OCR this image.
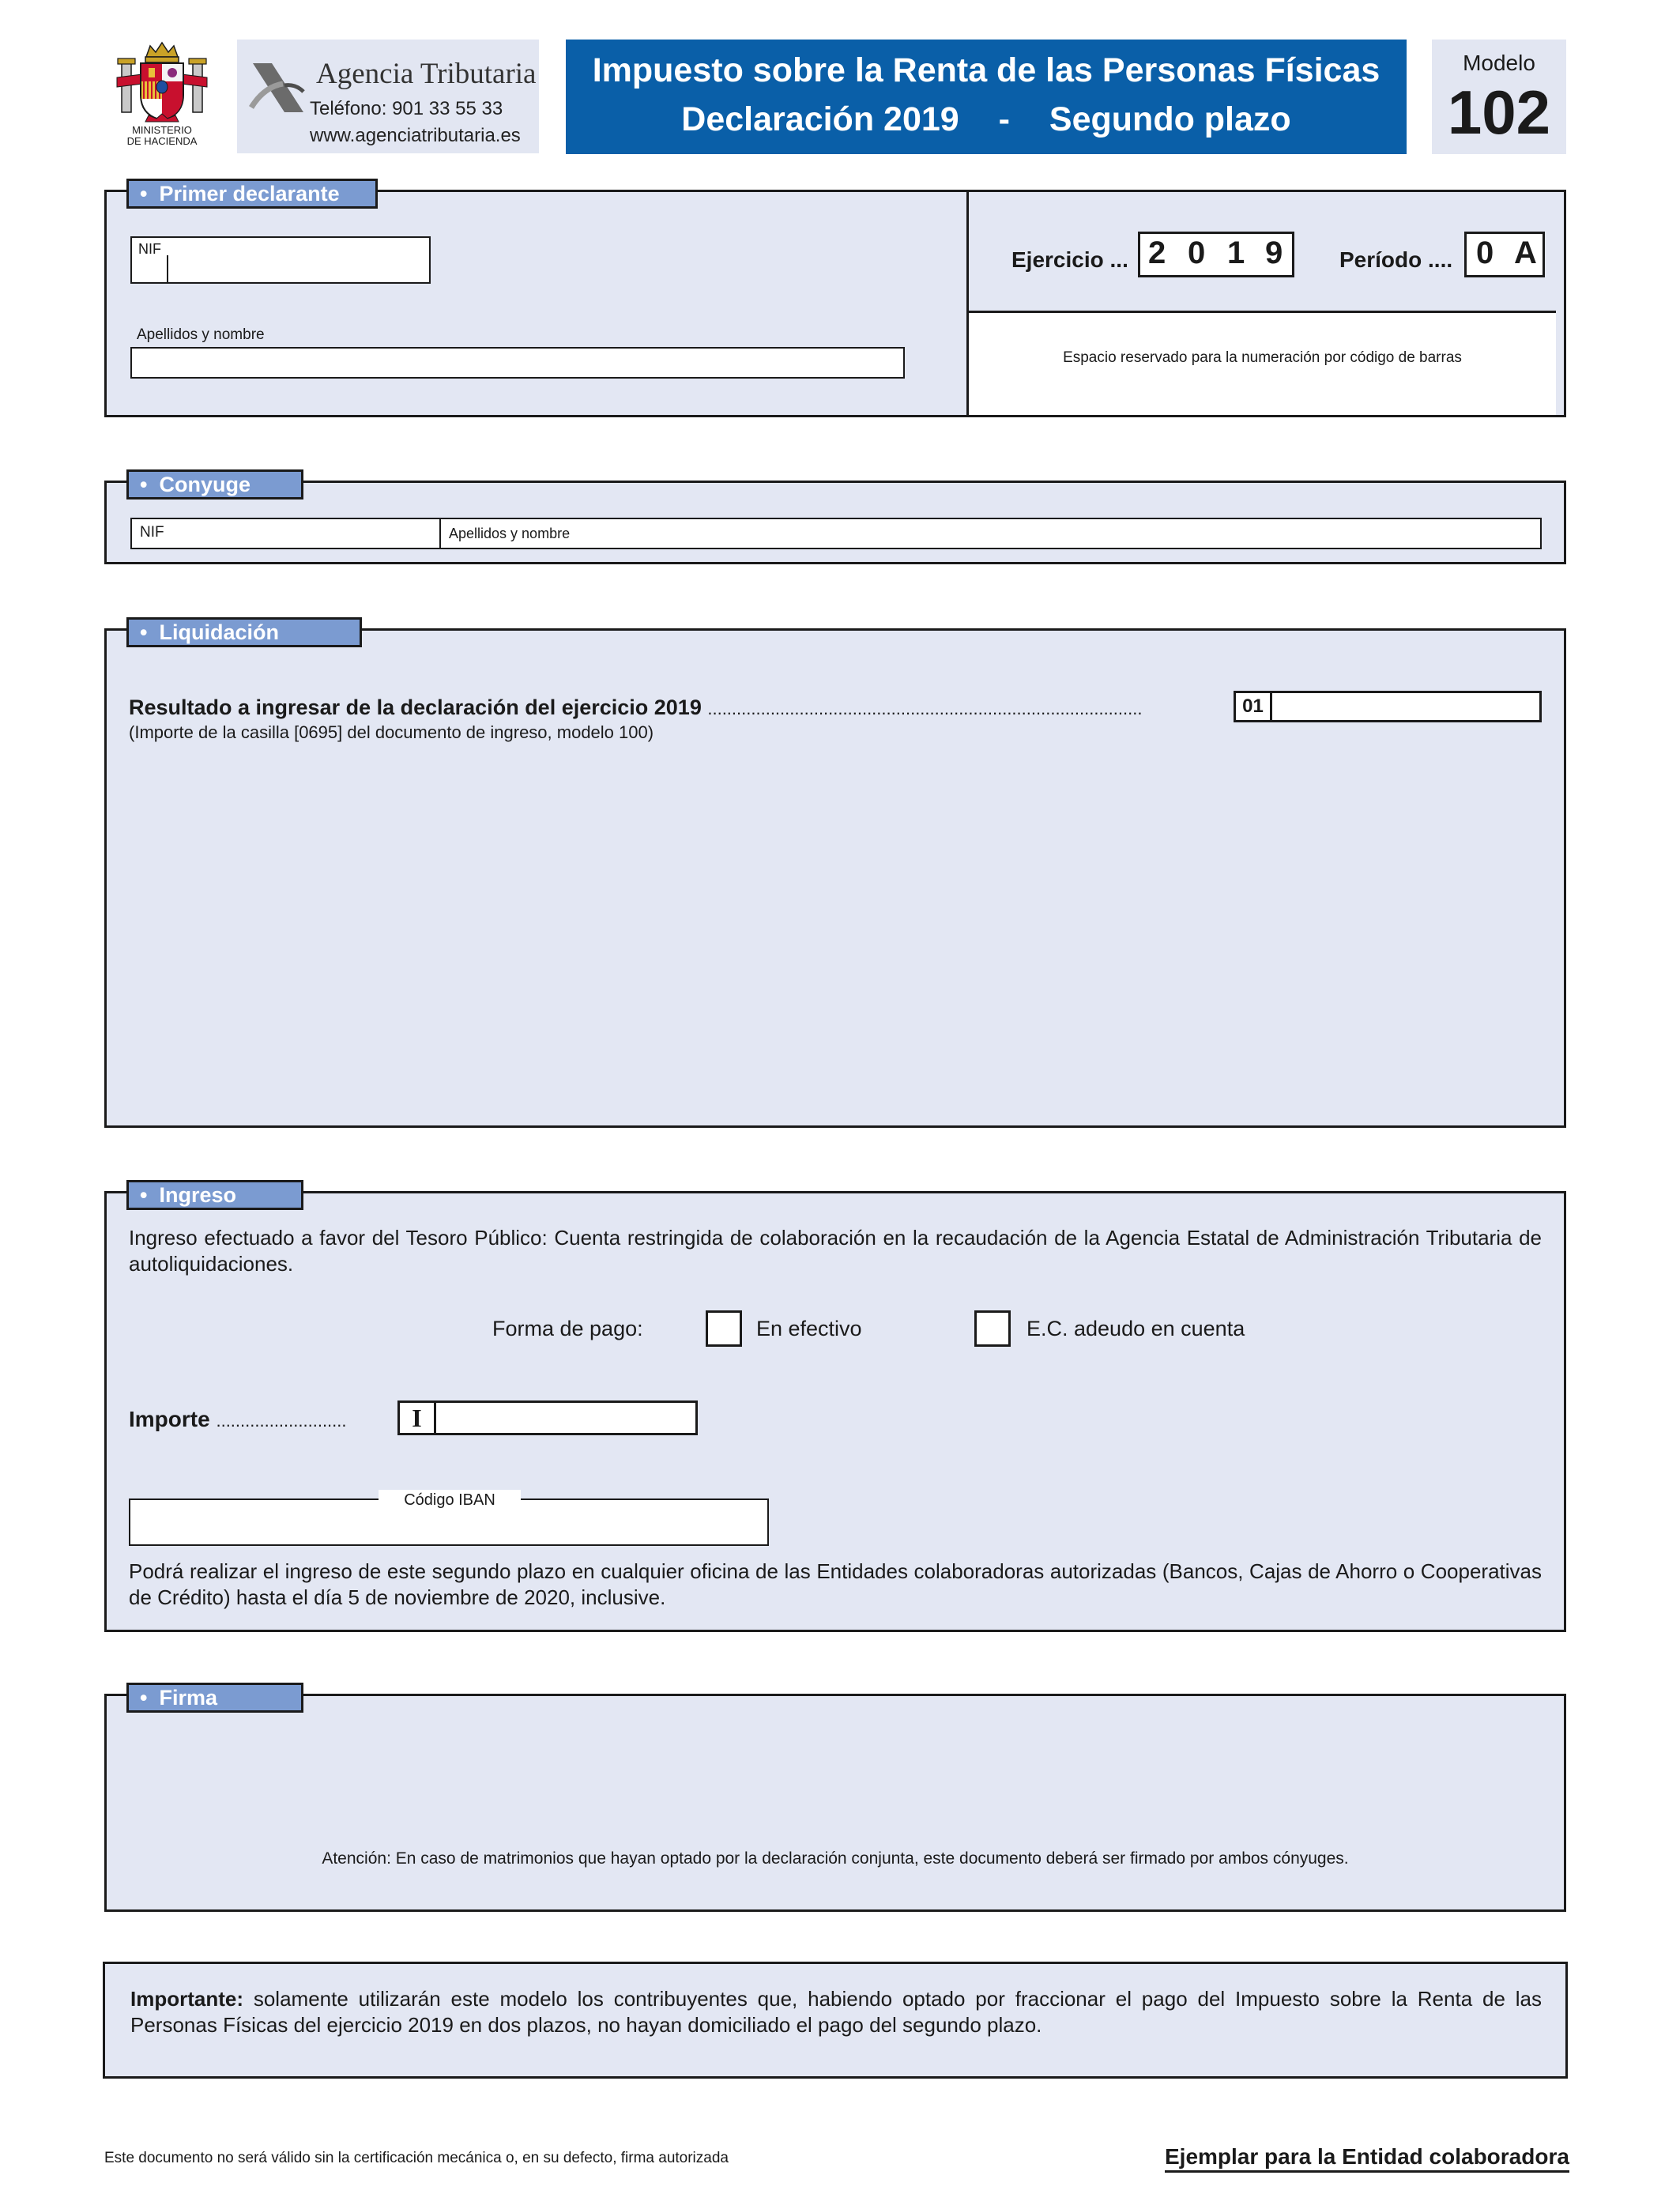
MINISTERIO
DE HACIENDA
Agencia Tributaria
Teléfono: 901 33 55 33
www.agenciatributaria.es
Impuesto sobre la Renta de las Personas Físicas
Declaración 2019 - Segundo plazo
Modelo
102
NIF
Apellidos y nombre
Ejercicio ... 2 0 1 9	Período .... 0 A
Espacio reservado para la numeración por código de barras
• Primer declarante
NIF	Apellidos y nombre
• Conyuge
Resultado a ingresar de la declaración del ejercicio 2019 ..........................................................................................
(Importe de la casilla [0695] del documento de ingreso, modelo 100)
01
• Liquidación
Ingreso efectuado a favor del Tesoro Público: Cuenta restringida de colaboración en la recaudación de la Agencia Estatal de Administración Tributaria de autoliquidaciones.
Forma de pago:	En efectivo	E.C. adeudo en cuenta
Importe ...........................	I
Código IBAN
Podrá realizar el ingreso de este segundo plazo en cualquier oficina de las Entidades colaboradoras autorizadas (Bancos, Cajas de Ahorro o Cooperativas de Crédito) hasta el día 5 de noviembre de 2020, inclusive.
• Ingreso
Atención: En caso de matrimonios que hayan optado por la declaración conjunta, este documento deberá ser firmado por ambos cónyuges.
• Firma
Importante: solamente utilizarán este modelo los contribuyentes que, habiendo optado por fraccionar el pago del Impuesto sobre la Renta de las Personas Físicas del ejercicio 2019 en dos plazos, no hayan domiciliado el pago del segundo plazo.
Este documento no será válido sin la certificación mecánica o, en su defecto, firma autorizada	Ejemplar para la Entidad colaboradora
